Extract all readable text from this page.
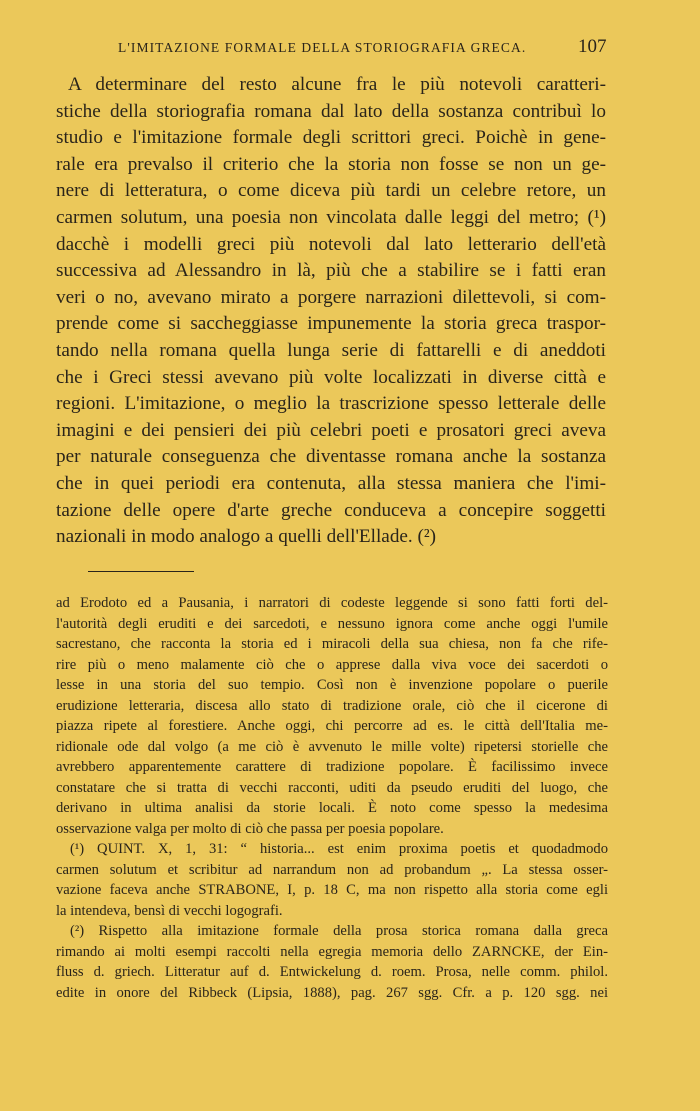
L'IMITAZIONE FORMALE DELLA STORIOGRAFIA GRECA.	107
A determinare del resto alcune fra le più notevoli caratteri-
stiche della storiografia romana dal lato della sostanza contribuì lo
studio e l'imitazione formale degli scrittori greci. Poichè in gene-
rale era prevalso il criterio che la storia non fosse se non un ge-
nere di letteratura, o come diceva più tardi un celebre retore, un
carmen solutum, una poesia non vincolata dalle leggi del metro; (¹)
dacchè i modelli greci più notevoli dal lato letterario dell'età
successiva ad Alessandro in là, più che a stabilire se i fatti eran
veri o no, avevano mirato a porgere narrazioni dilettevoli, si com-
prende come si saccheggiasse impunemente la storia greca traspor-
tando nella romana quella lunga serie di fattarelli e di aneddoti
che i Greci stessi avevano più volte localizzati in diverse città e
regioni. L'imitazione, o meglio la trascrizione spesso letterale delle
imagini e dei pensieri dei più celebri poeti e prosatori greci aveva
per naturale conseguenza che diventasse romana anche la sostanza
che in quei periodi era contenuta, alla stessa maniera che l'imi-
tazione delle opere d'arte greche conduceva a concepire soggetti
nazionali in modo analogo a quelli dell'Ellade. (²)
ad Erodoto ed a Pausania, i narratori di codeste leggende si sono fatti forti del-
l'autorità degli eruditi e dei sarcedoti, e nessuno ignora come anche oggi l'umile
sacrestano, che racconta la storia ed i miracoli della sua chiesa, non fa che rife-
rire più o meno malamente ciò che o apprese dalla viva voce dei sacerdoti o
lesse in una storia del suo tempio. Così non è invenzione popolare o puerile
erudizione letteraria, discesa allo stato di tradizione orale, ciò che il cicerone di
piazza ripete al forestiere. Anche oggi, chi percorre ad es. le città dell'Italia me-
ridionale ode dal volgo (a me ciò è avvenuto le mille volte) ripetersi storielle che
avrebbero apparentemente carattere di tradizione popolare. È facilissimo invece
constatare che si tratta di vecchi racconti, uditi da pseudo eruditi del luogo, che
derivano in ultima analisi da storie locali. È noto come spesso la medesima
osservazione valga per molto di ciò che passa per poesia popolare.
(¹) QUINT. X, 1, 31: “ historia... est enim proxima poetis et quodadmodo
carmen solutum et scribitur ad narrandum non ad probandum „. La stessa osser-
vazione faceva anche STRABONE, I, p. 18 C, ma non rispetto alla storia come egli
la intendeva, bensì di vecchi logografi.
(²) Rispetto alla imitazione formale della prosa storica romana dalla greca
rimando ai molti esempi raccolti nella egregia memoria dello ZARNCKE, der Ein-
fluss d. griech. Litteratur auf d. Entwickelung d. roem. Prosa, nelle comm. philol.
edite in onore del Ribbeck (Lipsia, 1888), pag. 267 sgg. Cfr. a p. 120 sgg. nei
